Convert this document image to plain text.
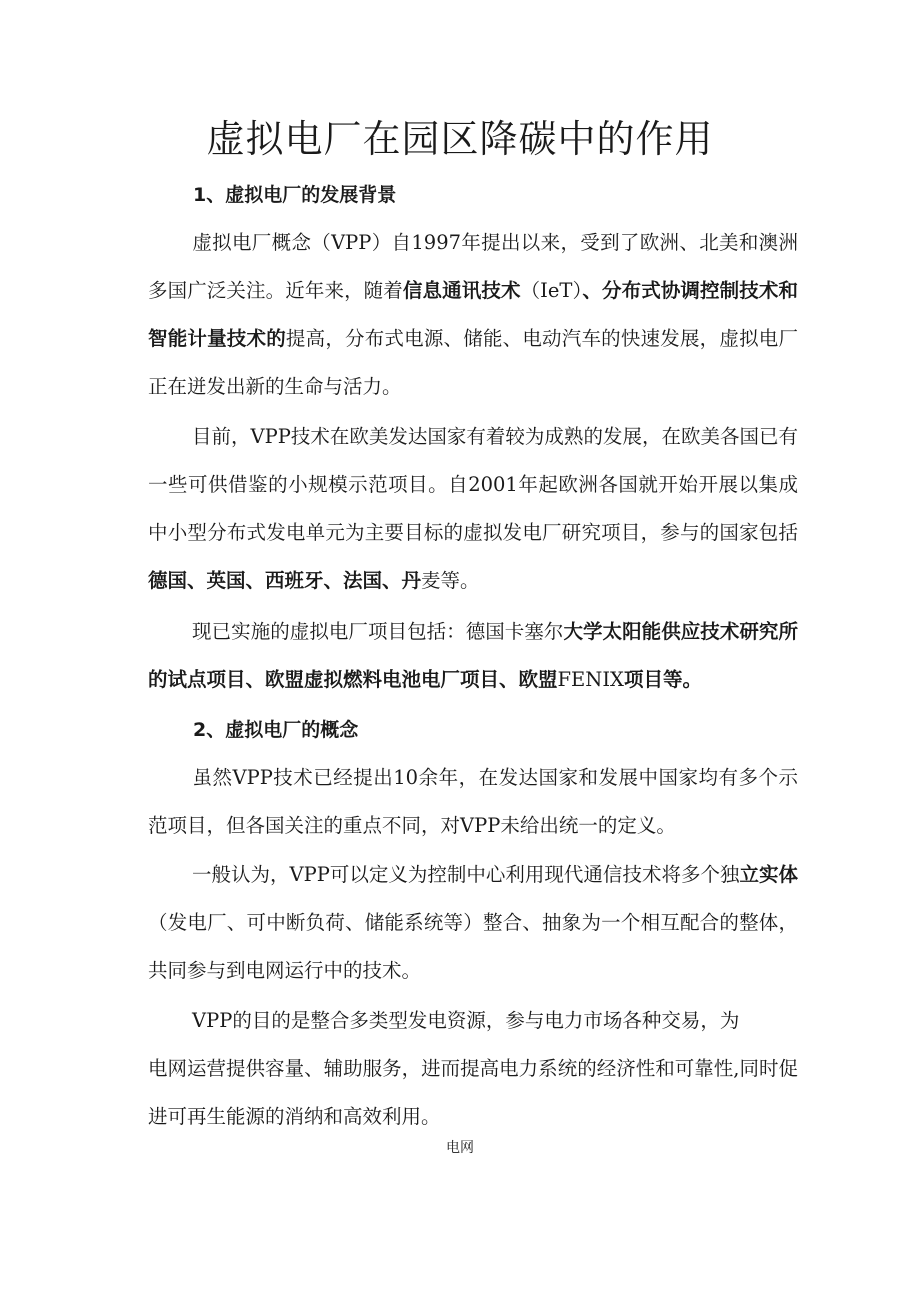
虚拟电厂在园区降碳中的作用
1、虚拟电厂的发展背景
虚拟电厂概念（VPP）自1997年提出以来，受到了欧洲、北美和澳洲多国广泛关注。近年来，随着信息通讯技术（IeT）、分布式协调控制技术和智能计量技术的提高，分布式电源、储能、电动汽车的快速发展，虚拟电厂正在迸发出新的生命与活力。
目前，VPP技术在欧美发达国家有着较为成熟的发展，在欧美各国已有一些可供借鉴的小规模示范项目。自2001年起欧洲各国就开始开展以集成中小型分布式发电单元为主要目标的虚拟发电厂研究项目，参与的国家包括德国、英国、西班牙、法国、丹麦等。
现已实施的虚拟电厂项目包括：德国卡塞尔大学太阳能供应技术研究所的试点项目、欧盟虚拟燃料电池电厂项目、欧盟FENIX项目等。
2、虚拟电厂的概念
虽然VPP技术已经提出10余年，在发达国家和发展中国家均有多个示范项目，但各国关注的重点不同，对VPP未给出统一的定义。
一般认为，VPP可以定义为控制中心利用现代通信技术将多个独立实体（发电厂、可中断负荷、储能系统等）整合、抽象为一个相互配合的整体，共同参与到电网运行中的技术。
VPP的目的是整合多类型发电资源，参与电力市场各种交易，为
电网运营提供容量、辅助服务，进而提高电力系统的经济性和可靠性,同时促进可再生能源的消纳和高效利用。
电网
